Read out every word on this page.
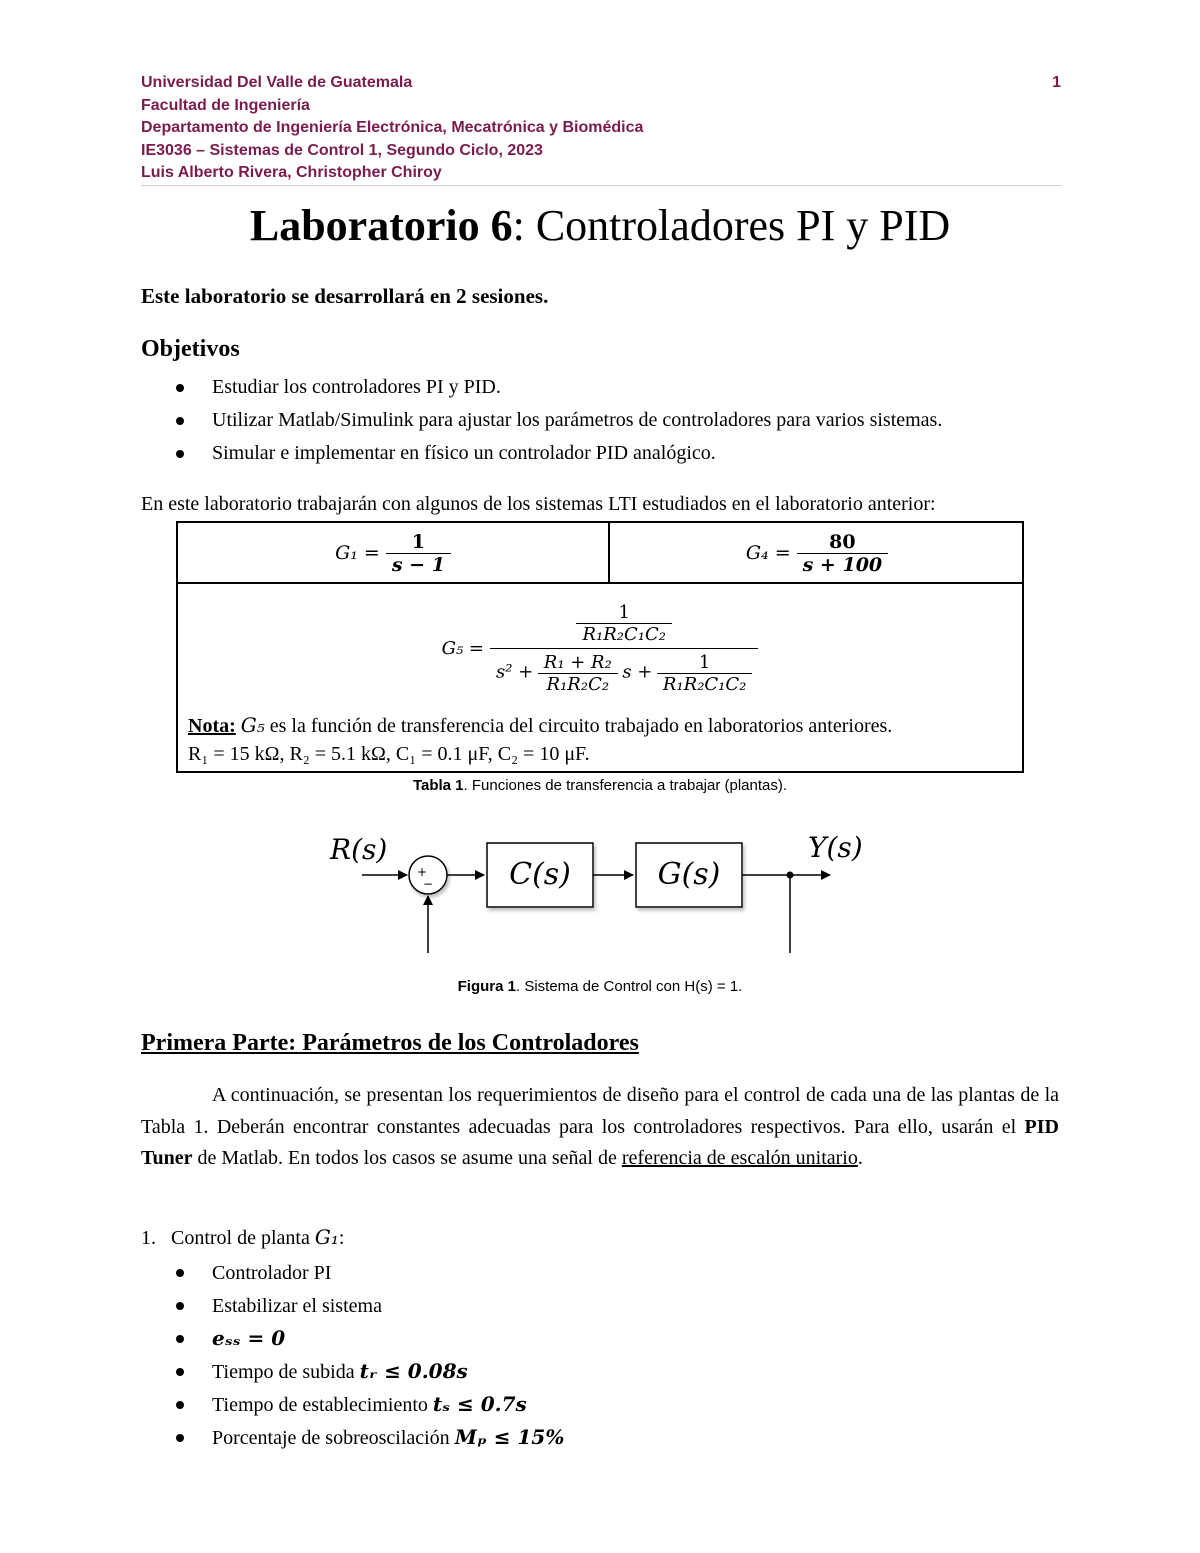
Universidad Del Valle de Guatemala
Facultad de Ingeniería
Departamento de Ingeniería Electrónica, Mecatrónica y Biomédica
IE3036 – Sistemas de Control 1, Segundo Ciclo, 2023
Luis Alberto Rivera, Christopher Chiroy
1
Laboratorio 6: Controladores PI y PID
Este laboratorio se desarrollará en 2 sesiones.
Objetivos
Estudiar los controladores PI y PID.
Utilizar Matlab/Simulink para ajustar los parámetros de controladores para varios sistemas.
Simular e implementar en físico un controlador PID analógico.
En este laboratorio trabajarán con algunos de los sistemas LTI estudiados en el laboratorio anterior:
$G_1 = \frac{1}{s - 1}$	$G_4 = \frac{80}{s + 100}$
G₅ =
$\frac{1}{\text{R₁R₂C₁C₂}}$
$s^2 + \frac{\text{R₁ + R₂}}{\text{R₁R₂C₂}}$ $s + \frac{1}{\text{R₁R₂C₁C₂}}$
Nota: G₅ es la función de transferencia del circuito trabajado en laboratorios anteriores.
R₁ = 15 kΩ, R₂ = 5.1 kΩ, C₁ = 0.1 μF, C₂ = 10 μF.
Tabla 1. Funciones de transferencia a trabajar (plantas).
R(s)	Y(s)
+
−	C(s)	G(s)
Figura 1. Sistema de Control con H(s) = 1.
Primera Parte: Parámetros de los Controladores

A continuación, se presentan los requerimientos de diseño para el control de cada una de las plantas de la Tabla 1. Deberán encontrar constantes adecuadas para los controladores respectivos. Para ello, usarán el PID Tuner de Matlab. En todos los casos se asume una señal de referencia de escalón unitario.

1. Control de planta G₁:
Controlador PI
Estabilizar el sistema
eₛₛ = 0
Tiempo de subida tᵣ ≤ 0.08s
Tiempo de establecimiento tₛ ≤ 0.7s
Porcentaje de sobreoscilación Mₚ ≤ 15%
